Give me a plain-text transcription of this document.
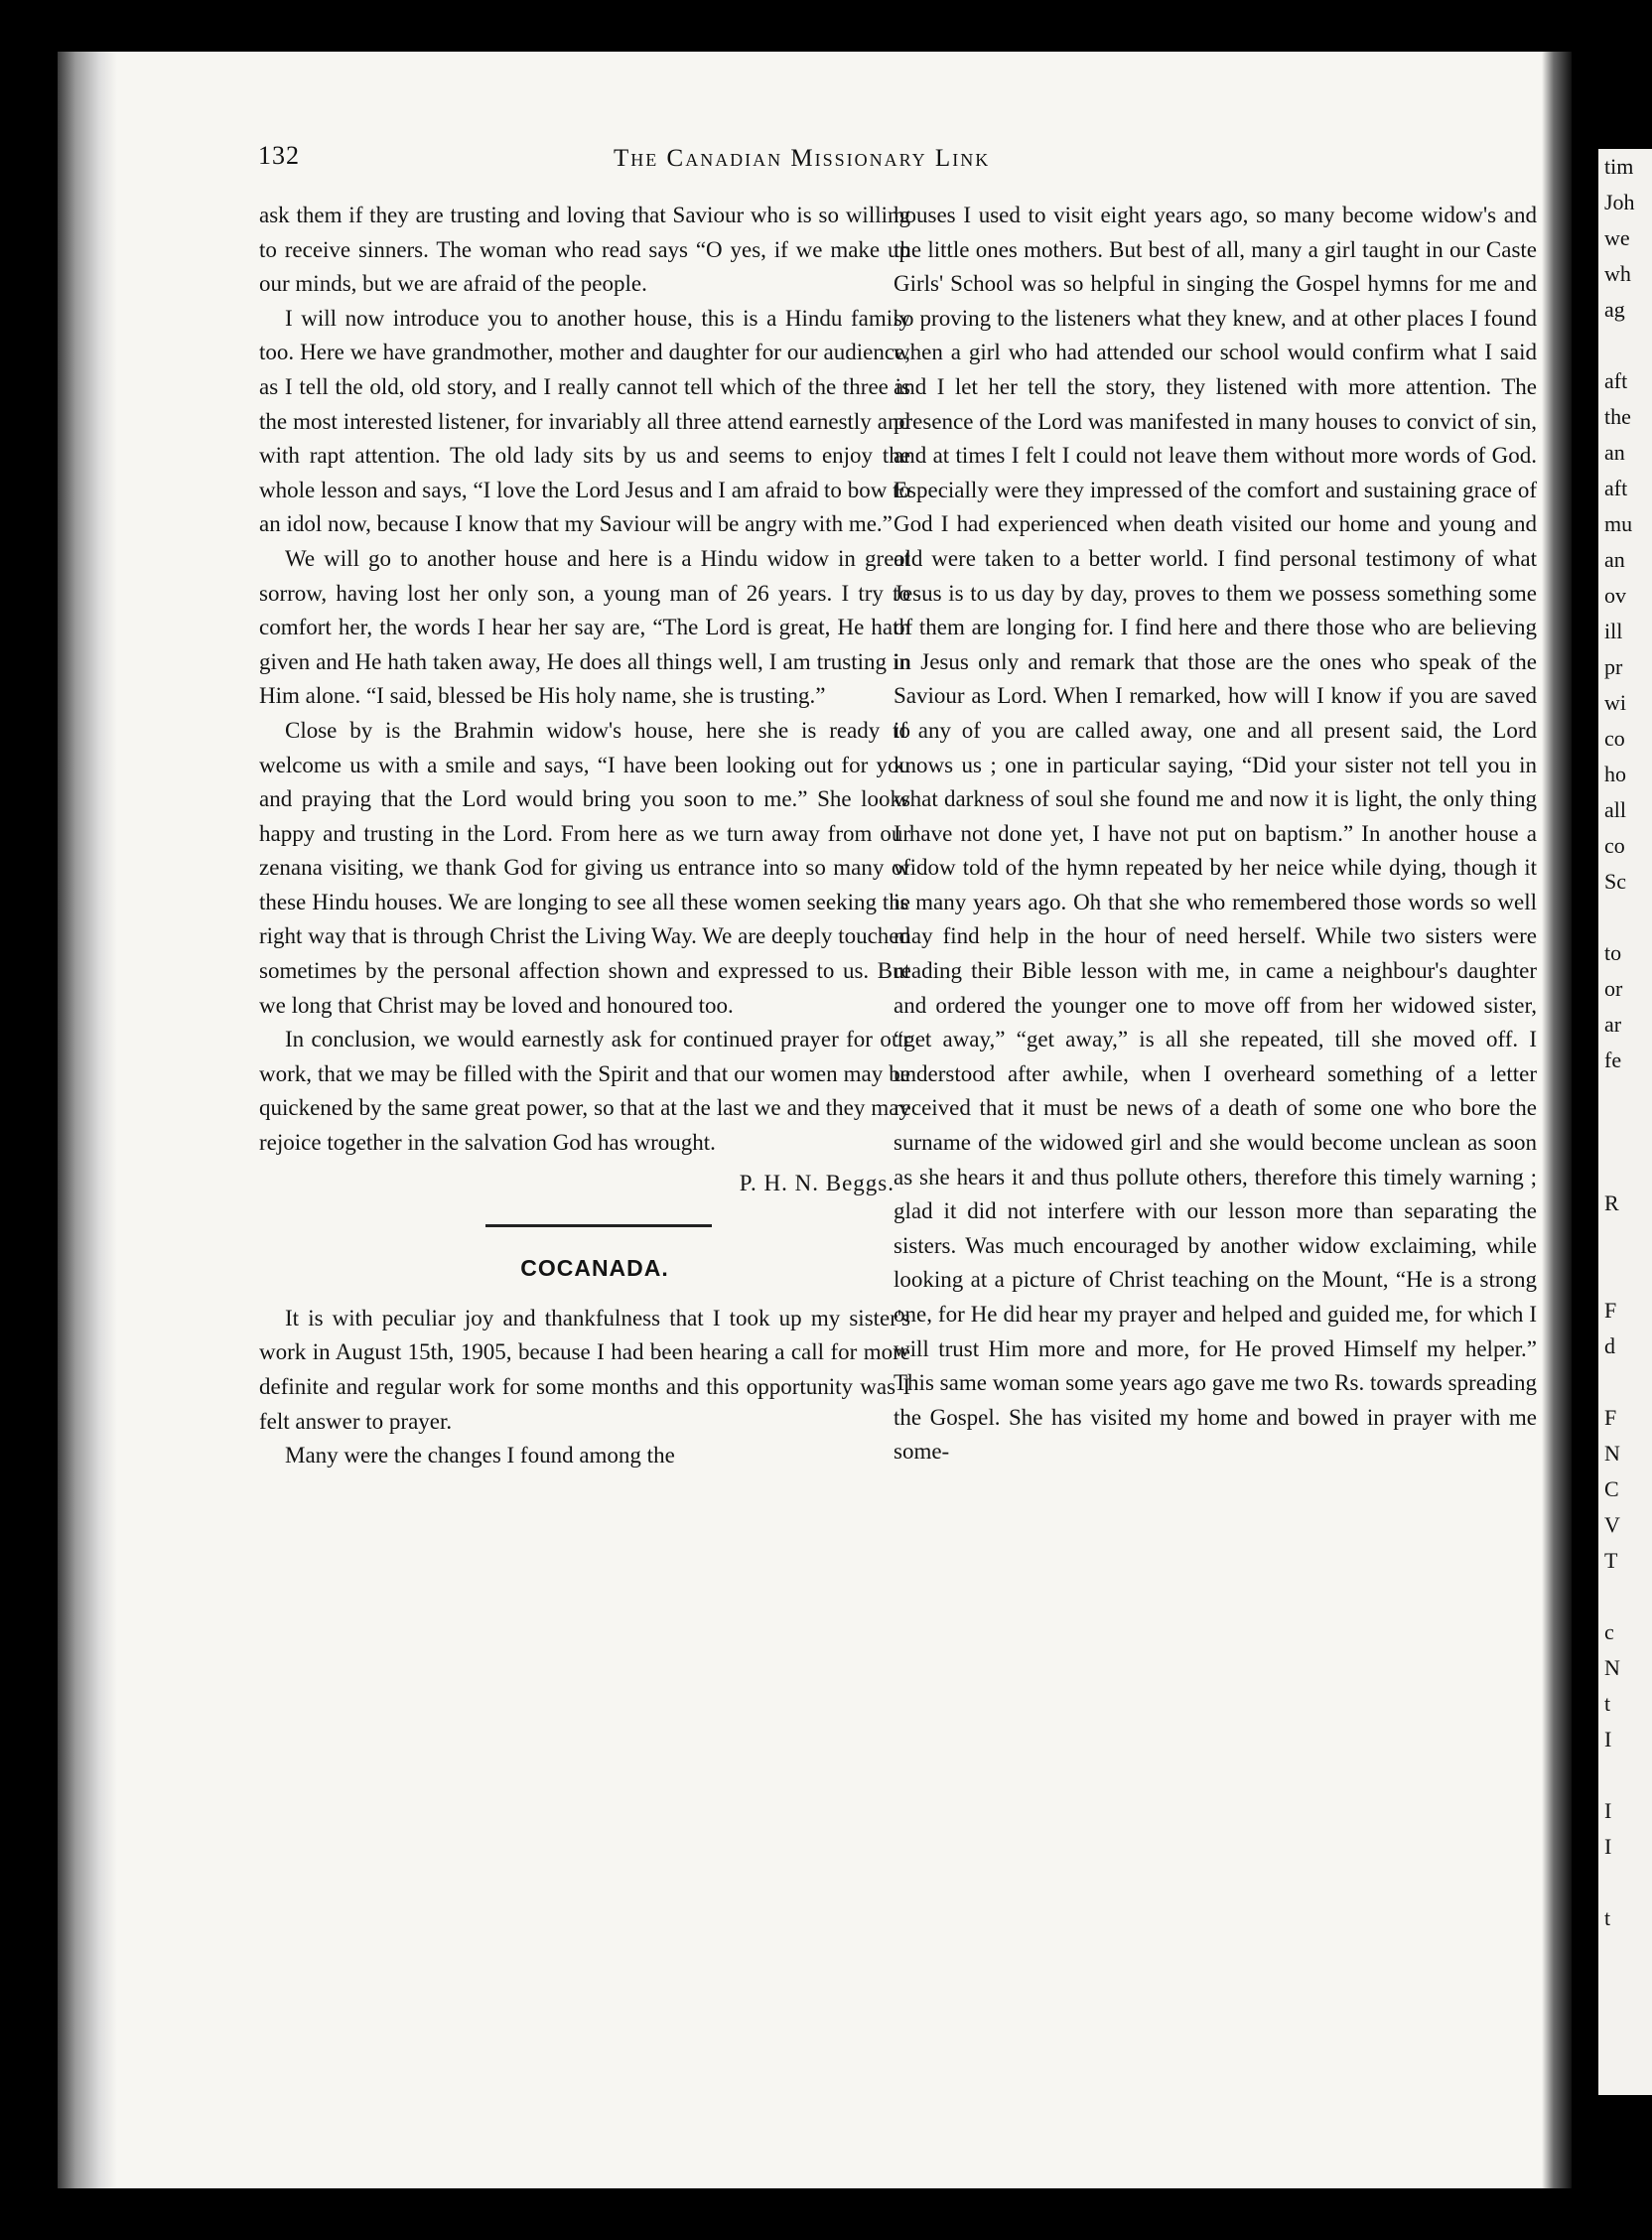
132	The Canadian Missionary Link

ask them if they are trusting and loving that Saviour who is so willing to receive sinners. The woman who read says “O yes, if we make up our minds, but we are afraid of the people.

I will now introduce you to another house, this is a Hindu family too. Here we have grandmother, mother and daughter for our audience, as I tell the old, old story, and I really cannot tell which of the three is the most interested listener, for invariably all three attend earnestly and with rapt attention. The old lady sits by us and seems to enjoy the whole lesson and says, “I love the Lord Jesus and I am afraid to bow to an idol now, because I know that my Saviour will be angry with me.”

We will go to another house and here is a Hindu widow in great sorrow, having lost her only son, a young man of 26 years. I try to comfort her, the words I hear her say are, “The Lord is great, He hath given and He hath taken away, He does all things well, I am trusting in Him alone. “I said, blessed be His holy name, she is trusting.”

Close by is the Brahmin widow's house, here she is ready to welcome us with a smile and says, “I have been looking out for you and praying that the Lord would bring you soon to me.” She looks happy and trusting in the Lord. From here as we turn away from our zenana visiting, we thank God for giving us entrance into so many of these Hindu houses. We are longing to see all these women seeking the right way that is through Christ the Living Way. We are deeply touched sometimes by the personal affection shown and expressed to us. But we long that Christ may be loved and honoured too.

In conclusion, we would earnestly ask for continued prayer for our work, that we may be filled with the Spirit and that our women may be quickened by the same great power, so that at the last we and they may rejoice together in the salvation God has wrought.

P. H. N. Beggs.
COCANADA.

It is with peculiar joy and thankfulness that I took up my sister's work in August 15th, 1905, because I had been hearing a call for more definite and regular work for some months and this opportunity was I felt answer to prayer.

Many were the changes I found among the

houses I used to visit eight years ago, so many become widow's and the little ones mothers. But best of all, many a girl taught in our Caste Girls' School was so helpful in singing the Gospel hymns for me and so proving to the listeners what they knew, and at other places I found when a girl who had attended our school would confirm what I said and I let her tell the story, they listened with more attention. The presence of the Lord was manifested in many houses to convict of sin, and at times I felt I could not leave them without more words of God. Especially were they impressed of the comfort and sustaining grace of God I had experienced when death visited our home and young and old were taken to a better world. I find personal testimony of what Jesus is to us day by day, proves to them we possess something some of them are longing for. I find here and there those who are believing in Jesus only and remark that those are the ones who speak of the Saviour as Lord. When I remarked, how will I know if you are saved if any of you are called away, one and all present said, the Lord knows us ; one in particular saying, “Did your sister not tell you in what darkness of soul she found me and now it is light, the only thing I have not done yet, I have not put on baptism.” In another house a widow told of the hymn repeated by her neice while dying, though it is many years ago. Oh that she who remembered those words so well may find help in the hour of need herself. While two sisters were reading their Bible lesson with me, in came a neighbour's daughter and ordered the younger one to move off from her widowed sister, “get away,” “get away,” is all she repeated, till she moved off. I understood after awhile, when I overheard something of a letter received that it must be news of a death of some one who bore the surname of the widowed girl and she would become unclean as soon as she hears it and thus pollute others, therefore this timely warning ; glad it did not interfere with our lesson more than separating the sisters. Was much encouraged by another widow exclaiming, while looking at a picture of Christ teaching on the Mount, “He is a strong one, for He did hear my prayer and helped and guided me, for which I will trust Him more and more, for He proved Himself my helper.” This same woman some years ago gave me two Rs. towards spreading the Gospel. She has visited my home and bowed in prayer with me some-

tim
Joh
we
wh
ag
aft
the
an
aft
mu
an
ov
ill
pr
wi
co
ho
all
co
Sc
to
or
ar
fe
R
F
d
F
N
C
V
T
c
N
t
I
I
I
t
